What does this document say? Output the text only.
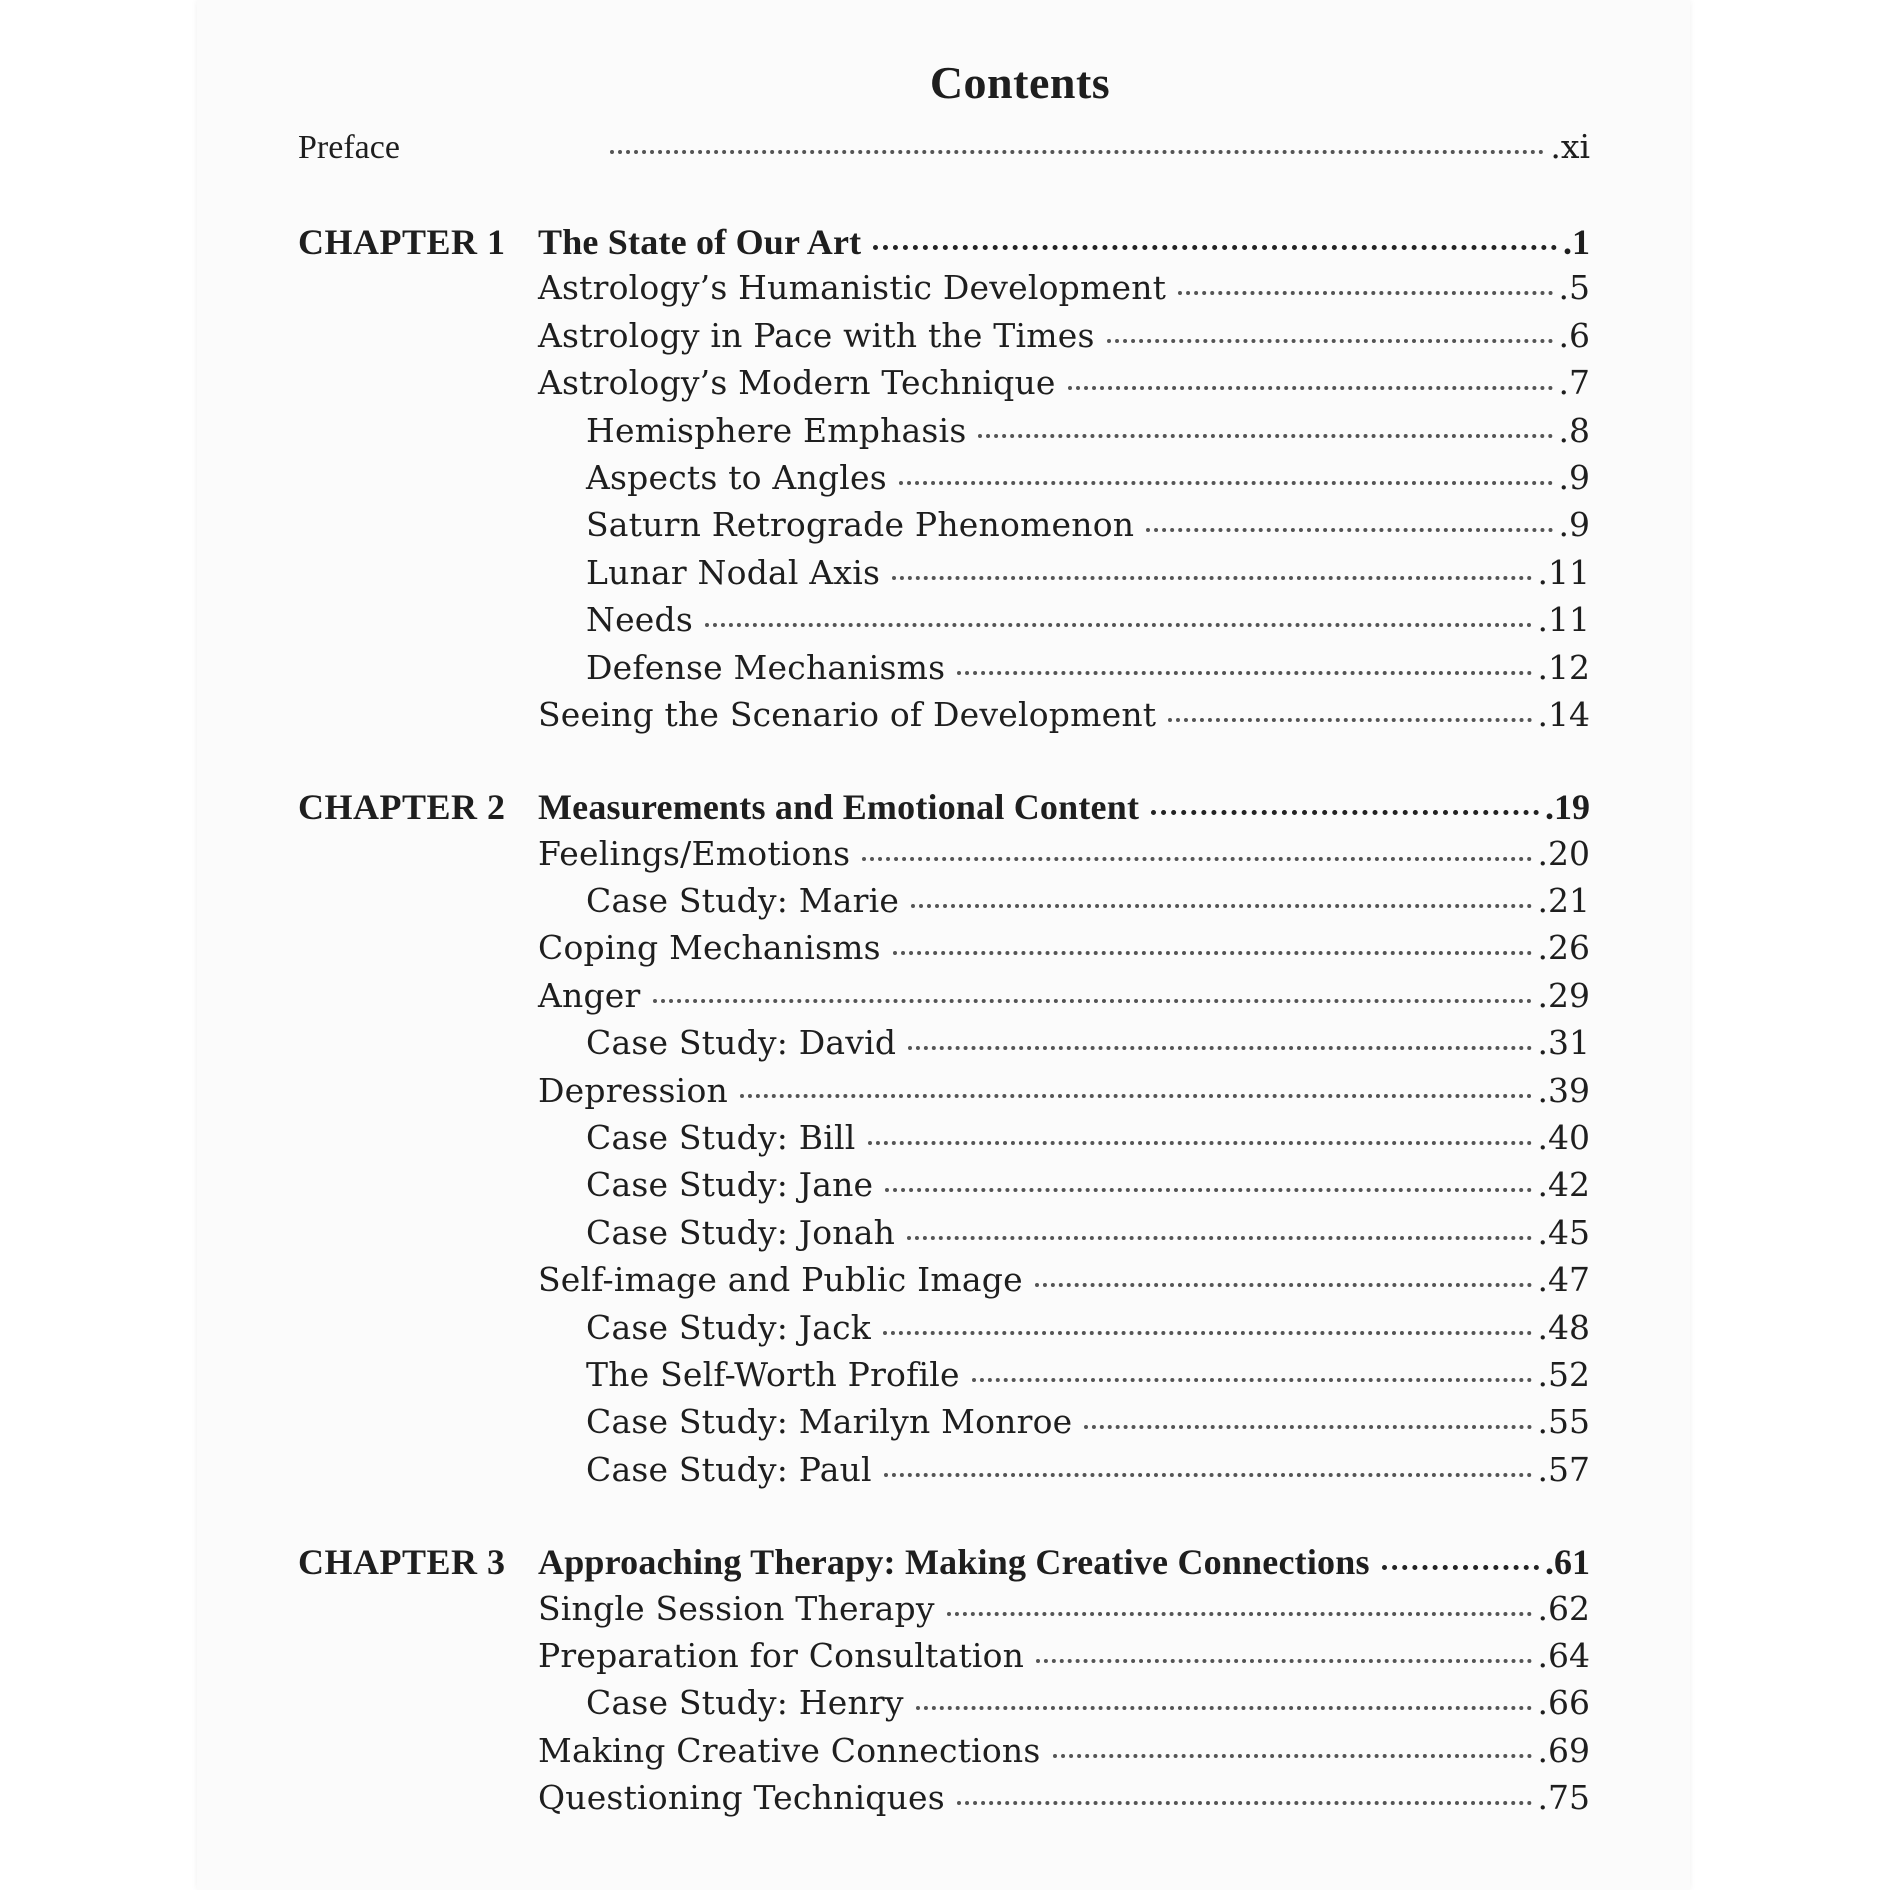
Contents
Preface	.xi
CHAPTER 1 The State of Our Art	.1
Astrology’s Humanistic Development	.5
Astrology in Pace with the Times	.6
Astrology’s Modern Technique	.7
Hemisphere Emphasis	.8
Aspects to Angles	.9
Saturn Retrograde Phenomenon	.9
Lunar Nodal Axis	.11
Needs	.11
Defense Mechanisms	.12
Seeing the Scenario of Development	.14
CHAPTER 2 Measurements and Emotional Content	.19
Feelings/Emotions	.20
Case Study: Marie	.21
Coping Mechanisms	.26
Anger	.29
Case Study: David	.31
Depression	.39
Case Study: Bill	.40
Case Study: Jane	.42
Case Study: Jonah	.45
Self-image and Public Image	.47
Case Study: Jack	.48
The Self-Worth Profile	.52
Case Study: Marilyn Monroe	.55
Case Study: Paul	.57
CHAPTER 3 Approaching Therapy: Making Creative Connections	.61
Single Session Therapy	.62
Preparation for Consultation	.64
Case Study: Henry	.66
Making Creative Connections	.69
Questioning Techniques	.75
